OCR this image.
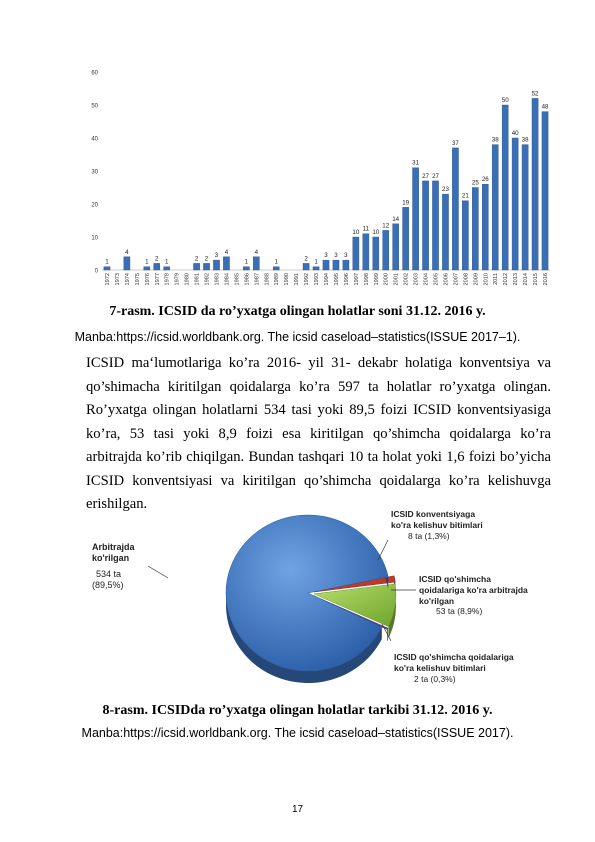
0
10
20
30
40
50
60
1
1972 1973
4
1974 1975
1
1976
2
1977
1
1978 1979 1980
2
1981
2
1982
3
1983
4
1984 1985
1
1986
4
1987 1988
1
1989 1990 1991
2
1992
1
1993
3
1994
3
1995
3
1996
10
1997
11
1998
10
1999
12
2000
14
2001
19
2002
31
2003
27
2004
27
2005
23
2006
37
2007
21
2008
25
2009
26
2010
38
2011
50
2012
40
2013
38
2014
52
2015
48
2016
7-rasm. ICSID da ro’yxatga olingan holatlar soni 31.12. 2016 y.
Manba:https://icsid.worldbank.org. The icsid caseload–statistics(ISSUE 2017–1).
ICSID ma‘lumotlariga ko’ra 2016- yil 31- dekabr holatiga konventsiya va qo’shimacha kiritilgan qoidalarga ko’ra 597 ta holatlar ro’yxatga olingan. Ro’yxatga olingan holatlarni 534 tasi yoki 89,5 foizi ICSID konventsiyasiga ko’ra, 53 tasi yoki 8,9 foizi esa kiritilgan qo’shimcha qoidalarga ko’ra arbitrajda ko’rib chiqilgan. Bundan tashqari 10 ta holat yoki 1,6 foizi bo’yicha ICSID konventsiyasi va kiritilgan qo’shimcha qoidalarga ko’ra kelishuvga erishilgan.
Arbitrajda
ko'rilgan
534 ta
(89,5%)
ICSID konventsiyaga
ko'ra kelishuv bitimlari
8 ta (1,3%)
ICSID qo'shimcha
qoidalariga ko'ra arbitrajda
ko'rilgan
53 ta (8,9%)
ICSID qo'shimcha qoidalariga
ko'ra kelishuv bitimlari
2 ta (0,3%)
8-rasm. ICSIDda ro’yxatga olingan holatlar tarkibi 31.12. 2016 y.
Manba:https://icsid.worldbank.org. The icsid caseload–statistics(ISSUE 2017).
17
